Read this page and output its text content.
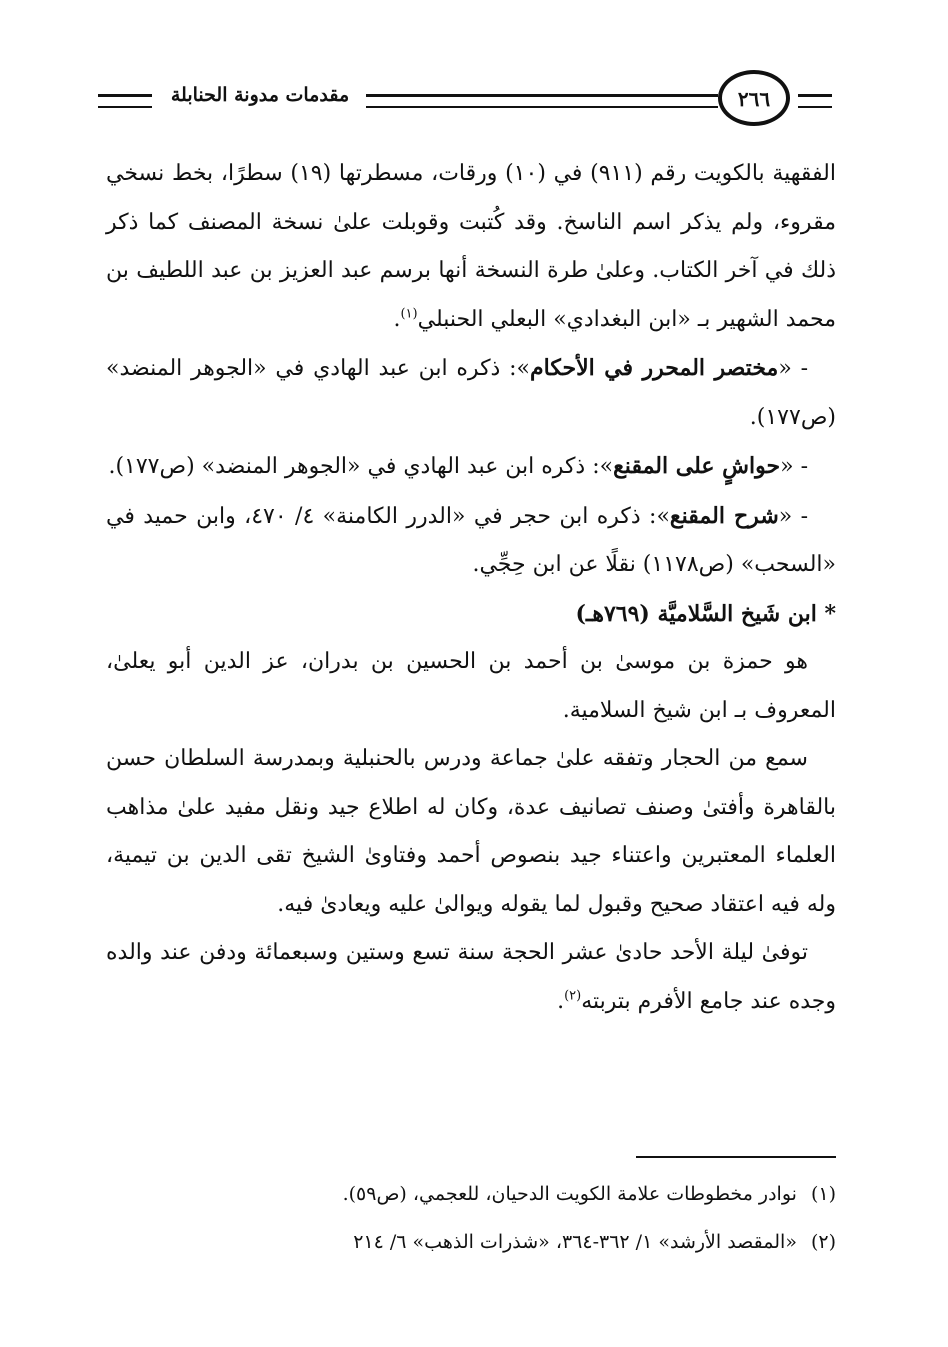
مقدمات مدونة الحنابلة	٢٦٦

الفقهية بالكويت رقم (٩١١) في (١٠) ورقات، مسطرتها (١٩) سطرًا، بخط نسخي مقروء، ولم يذكر اسم الناسخ. وقد كُتبت وقوبلت علىٰ نسخة المصنف كما ذكر ذلك في آخر الكتاب. وعلىٰ طرة النسخة أنها برسم عبد العزيز بن عبد اللطيف بن محمد الشهير بـ «ابن البغدادي» البعلي الحنبلي$^{(١)}$.

- «مختصر المحرر في الأحكام»: ذكره ابن عبد الهادي في «الجوهر المنضد» (ص١٧٧).

- «حواشٍ على المقنع»: ذكره ابن عبد الهادي في «الجوهر المنضد» (ص١٧٧).

- «شرح المقنع»: ذكره ابن حجر في «الدرر الكامنة» ٤/ ٤٧٠، وابن حميد في «السحب» (ص١١٧٨) نقلًا عن ابن حِجِّي.

* ابن شَيخ السَّلاميَّة (٧٦٩هـ)

هو حمزة بن موسىٰ بن أحمد بن الحسين بن بدران، عز الدين أبو يعلىٰ، المعروف بـ ابن شيخ السلامية.

سمع من الحجار وتفقه علىٰ جماعة ودرس بالحنبلية وبمدرسة السلطان حسن بالقاهرة وأفتىٰ وصنف تصانيف عدة، وكان له اطلاع جيد ونقل مفيد علىٰ مذاهب العلماء المعتبرين واعتناء جيد بنصوص أحمد وفتاوىٰ الشيخ تقى الدين بن تيمية، وله فيه اعتقاد صحيح وقبول لما يقوله ويوالىٰ عليه ويعادىٰ فيه.

توفىٰ ليلة الأحد حادىٰ عشر الحجة سنة تسع وستين وسبعمائة ودفن عند والده وجده عند جامع الأفرم بتربته$^{(٢)}$.

(١)نوادر مخطوطات علامة الكويت الدحيان، للعجمي، (ص٥٩).

(٢)«المقصد الأرشد» ١/ ٣٦٢-٣٦٤، «شذرات الذهب» ٦/ ٢١٤
